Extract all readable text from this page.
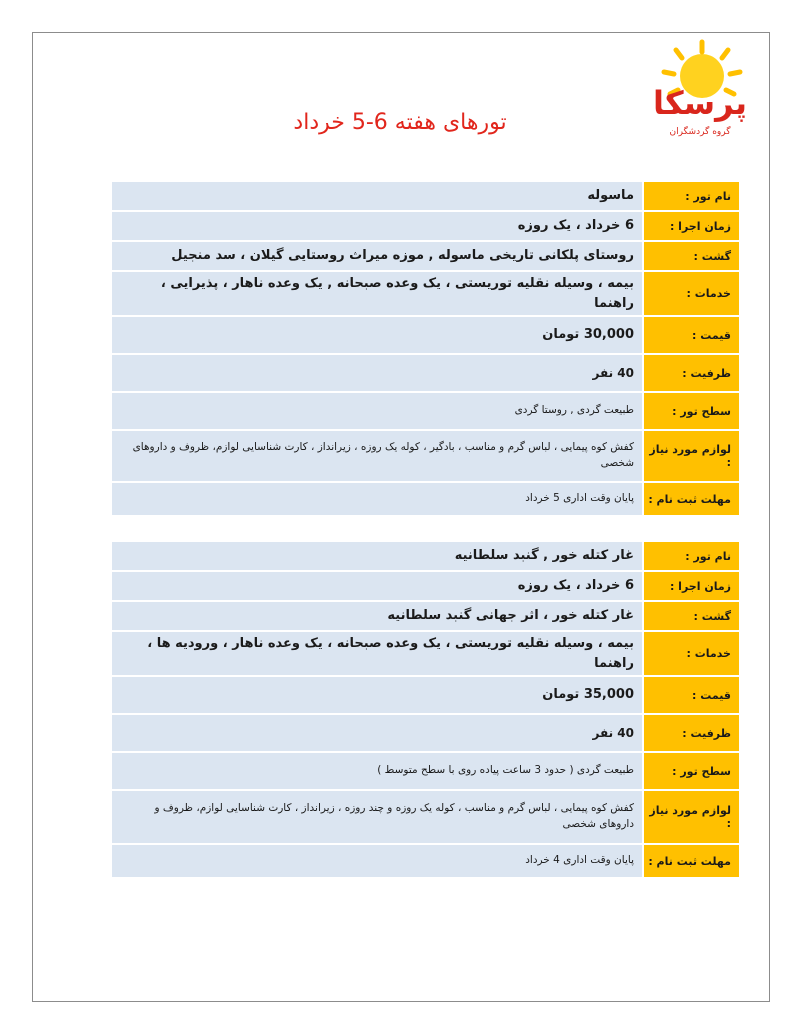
پرسکا
گروه گردشگران
تورهای هفته 6-5 خرداد
نام تور :		ماسوله
زمان اجرا :		6 خرداد ، یک روزه
گشت :		روستای پلکانی تاریخی ماسوله , موزه میراث روستایی گیلان ، سد منجیل
خدمات :		بیمه ، وسیله نقلیه توریستی ، یک وعده صبحانه , یک وعده ناهار ، پذیرایی ، راهنما
قیمت :		30,000 تومان
ظرفیت :		40 نفر
سطح تور :		طبیعت گردی , روستا گردی
لوازم مورد نیاز :		کفش کوه پیمایی ، لباس گرم و مناسب ، بادگیر ، کوله یک روزه ، زیرانداز ، کارت شناسایی لوازم، ظروف و داروهای شخصی
مهلت ثبت نام :		پایان وقت اداری 5 خرداد
نام تور :		غار کتله خور , گنبد سلطانیه
زمان اجرا :		6 خرداد ، یک روزه
گشت :		غار کتله خور ، اثر جهانی گنبد سلطانیه
خدمات :		بیمه ، وسیله نقلیه توریستی ، یک وعده صبحانه ، یک وعده ناهار ، ورودیه ها ، راهنما
قیمت :		35,000 تومان
ظرفیت :		40 نفر
سطح تور :		طبیعت گردی ( حدود 3 ساعت پیاده روی با سطح متوسط )
لوازم مورد نیاز :		کفش کوه پیمایی ، لباس گرم و مناسب ، کوله یک روزه و چند روزه ، زیرانداز ، کارت شناسایی لوازم، ظروف و داروهای شخصی
مهلت ثبت نام :		پایان وقت اداری 4 خرداد
